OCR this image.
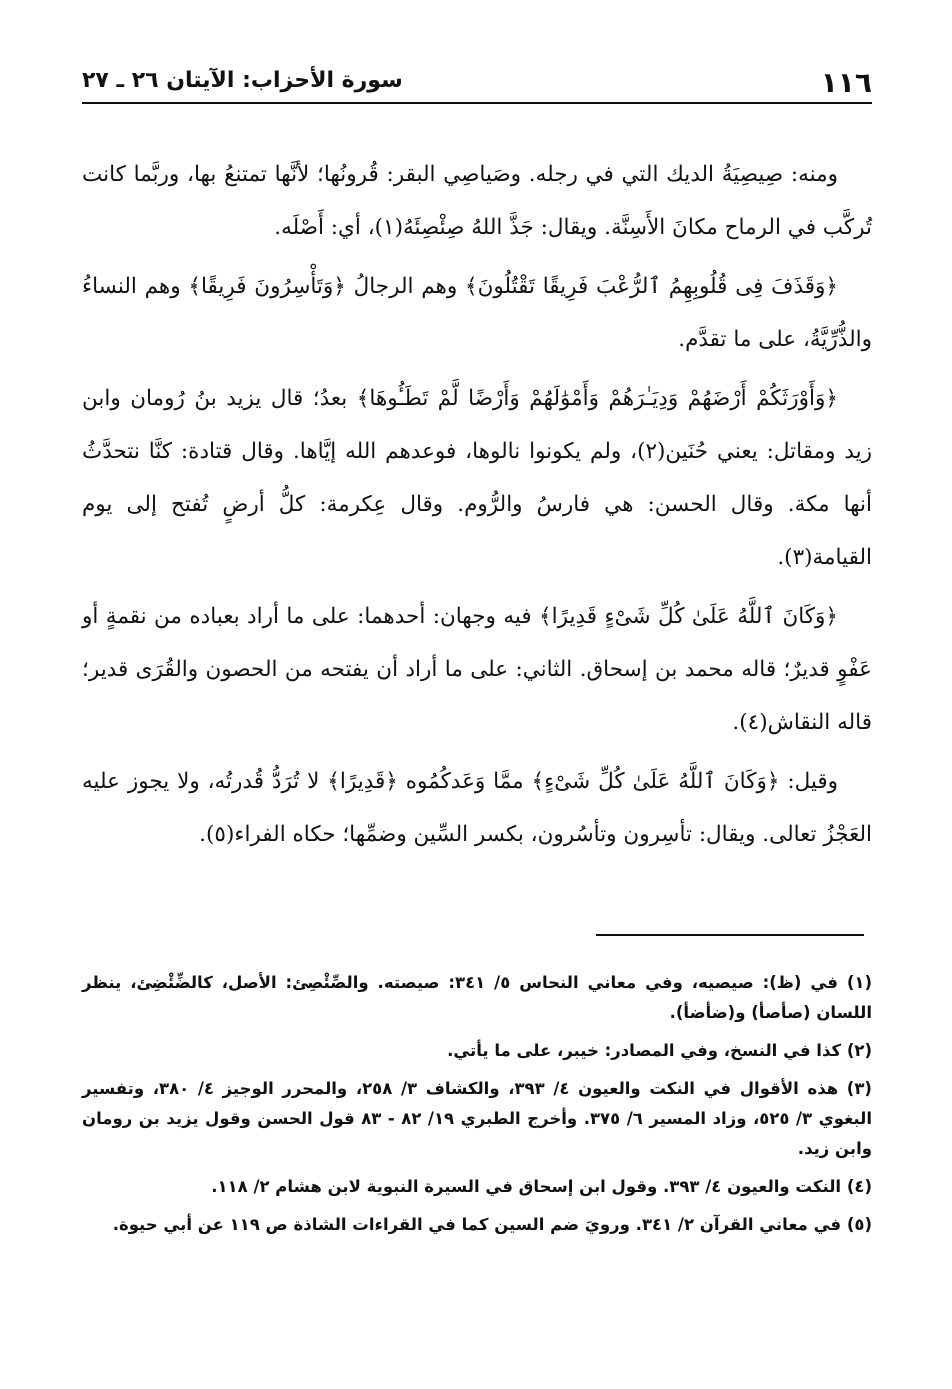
١١٦
سورة الأحزاب: الآيتان ٢٦ ـ ٢٧

ومنه: صِيصِيَةُ الديك التي في رجله. وصَياصِي البقر: قُرونُها؛ لأنَّها تمتنعُ بها، وربَّما كانت تُركَّب في الرماح مكانَ الأَسِنَّة. ويقال: جَذَّ اللهُ صِئْصِئَهُ(١)، أي: أَصْلَه.

﴿وَقَذَفَ فِى قُلُوبِهِمُ ٱلرُّعْبَ فَرِيقًا تَقْتُلُونَ﴾ وهم الرجالُ ﴿وَتَأْسِرُونَ فَرِيقًا﴾ وهم النساءُ والذُّرِّيَّةُ، على ما تقدَّم.

﴿وَأَوْرَثَكُمْ أَرْضَهُمْ وَدِيَـٰرَهُمْ وَأَمْوَٰلَهُمْ وَأَرْضًا لَّمْ تَطَـُٔوهَا﴾ بعدُ؛ قال يزيد بنُ رُومان وابن زيد ومقاتل: يعني حُنَين(٢)، ولم يكونوا نالوها، فوعدهم الله إيَّاها. وقال قتادة: كنَّا نتحدَّثُ أنها مكة. وقال الحسن: هي فارسُ والرُّوم. وقال عِكرمة: كلُّ أرضٍ تُفتح إلى يوم القيامة(٣).

﴿وَكَانَ ٱللَّهُ عَلَىٰ كُلِّ شَىْءٍ قَدِيرًا﴾ فيه وجهان: أحدهما: على ما أراد بعباده من نقمةٍ أو عَفْوٍ قديرٌ؛ قاله محمد بن إسحاق. الثاني: على ما أراد أن يفتحه من الحصون والقُرَى قدير؛ قاله النقاش(٤).

وقيل: ﴿وَكَانَ ٱللَّهُ عَلَىٰ كُلِّ شَىْءٍ﴾ ممَّا وَعَدكُمُوه ﴿قَدِيرًا﴾ لا تُرَدُّ قُدرتُه، ولا يجوز عليه العَجْزُ تعالى. ويقال: تأسِرون وتأسُرون، بكسر السِّين وضمِّها؛ حكاه الفراء(٥).

(١) في (ظ): صيصيه، وفي معاني النحاس ٥/ ٣٤١: صيصته. والصِّئْصِئ: الأصل، كالضِّئْضِئ، ينظر اللسان (صأصأ) و(ضأضأ).

(٢) كذا في النسخ، وفي المصادر: خيبر، على ما يأتي.

(٣) هذه الأقوال في النكت والعيون ٤/ ٣٩٣، والكشاف ٣/ ٢٥٨، والمحرر الوجيز ٤/ ٣٨٠، وتفسير البغوي ٣/ ٥٢٥، وزاد المسير ٦/ ٣٧٥. وأخرج الطبري ١٩/ ٨٢ - ٨٣ قول الحسن وقول يزيد بن رومان وابن زيد.

(٤) النكت والعيون ٤/ ٣٩٣. وقول ابن إسحاق في السيرة النبوية لابن هشام ٢/ ١١٨.

(٥) في معاني القرآن ٢/ ٣٤١. ورويَ ضم السين كما في القراءات الشاذة ص ١١٩ عن أبي حيوة.
